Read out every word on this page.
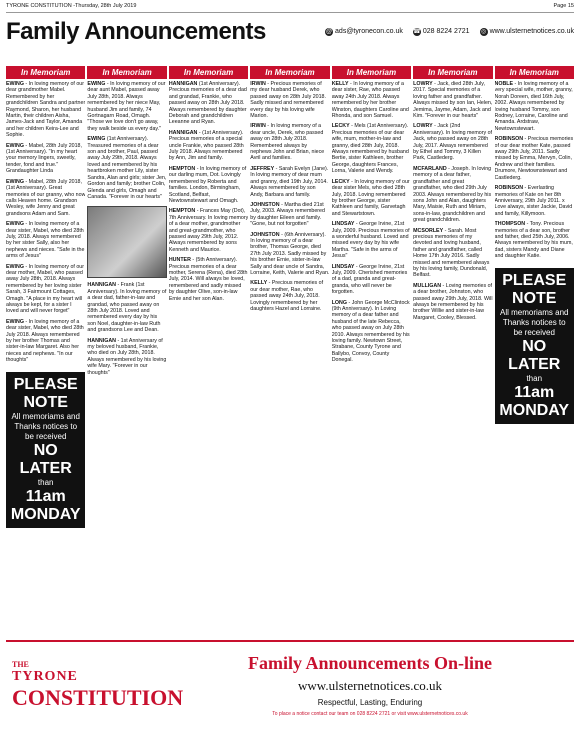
TYRONE CONSTITUTION -Thursday, 28th July 2019	Page 15
Family Announcements	@ ads@tyronecon.co.uk ☎ 028 8224 2721 ◎ www.ulsternetnotices.co.uk
In Memoriam
EWING - In loving memory of our dear grandmother Mabel. Remembered by her grandchildren Sandra and partner Raymond, Sharon, her husband Martin, their children Aisha, James-Jack and Taylor, Amanda and her children Keira-Lee and Sophie.
EWING - Mabel, 28th July 2018, (1st Anniversary). "In my heart your memory lingers, sweetly, tender, fond and true." Grandaughter Linda
EWING - Mabel, 28th July 2018, (1st Anniversary). Great memories of our granny, who now calls Heaven home. Grandson Wesley, wife Jenny and great grandsons Adam and Sam.
EWING - In loving memory of a dear sister, Mabel, who died 28th July, 2018. Always remembered by her sister Sally, also her nephews and nieces. "Safe in the arms of Jesus"
EWING - In loving memory of our dear mother, Mabel, who passed away July 28th, 2018. Always remembered by her loving sister Sarah, 3 Fairmount Cottages, Omagh. "A place in my heart will always be kept, for a sister I loved and will never forget"
EWING - In loving memory of a dear sister, Mabel, who died 28th July 2018. Always remembered by her brother Thomas and sister-in-law Margaret. Also her nieces and nephews. "In our thoughts"
PLEASE NOTE
All memoriams and Thanks notices to be received
NO LATER
than
11am MONDAY
In Memoriam
EWING - In loving memory of our dear aunt Mabel, passed away July 28th, 2018. Always remembered by her niece May, husband Jim and family, 74 Gortnagarn Road, Omagh. "Those we love don't go away, they walk beside us every day."
EWING (1st Anniversary). Treasured memories of a dear son and brother, Paul, passed away July 29th, 2018. Always loved and remembered by his heartbroken mother Lily, sister Sandra, Alan and girls; sister Jen, Gordon and family; brother Colin, Glenda and girls, Omagh and Canada. "Forever in our hearts"
HANNIGAN - Frank (1st Anniversary). In loving memory of a dear dad, father-in-law and grandad, who passed away on 28th July 2018. Loved and remembered every day by his son Noel, daughter-in-law Ruth and grandsons Lee and Dean.
HANNIGAN - 1st Anniversary of my beloved husband, Frankie, who died on July 28th, 2018. Always remembered by his loving wife Mary. "Forever in our thoughts"
In Memoriam
HANNIGAN (1st Anniversary). Precious memories of a dear dad and grandad, Frankie, who passed away on 28th July 2018. Always remembered by daughter Deborah and grandchildren Leeanne and Ryan.
HANNIGAN - (1st Anniversary). Precious memories of a special uncle Frankie, who passed 28th July 2018. Always remembered by Ann, Jim and family.
HEMPTON - In loving memory of our darling mum, Dot. Lovingly remembered by Roberta and families. London, Birmingham, Scotland, Belfast, Newtownstewart and Omagh.
HEMPTON - Frances May (Dot), 7th Anniversary. In loving memory of a dear mother, grandmother and great-grandmother, who passed away 29th July, 2012. Always remembered by sons Kenneth and Maurice.
HUNTER - (5th Anniversary). Precious memories of a dear mother, Serena (Rena), died 28th July, 2014. Will always be loved, remembered and sadly missed by daughter Olive, son-in-law Ernie and her son Alan.
In Memoriam
IRWIN - Precious memories of my dear husband Derek, who passed away on 28th July 2018. Sadly missed and remembered every day by his loving wife Marion.
IRWIN - In loving memory of a dear uncle, Derek, who passed away on 28th July 2018. Remembered always by nephews John and Brian, niece Avril and families.
JEFFREY - Sarah Evelyn (Jane). In loving memory of dear mum and granny, died 19th July, 2014. Always remembered by son Andy, Barbara and family.
JOHNSTON - Martha died 21st July, 2003. Always remembered by daughter Eileen and family. "Gone, but not forgotten"
JOHNSTON - (6th Anniversary). In loving memory of a dear brother, Thomas George, died 27th July 2013. Sadly missed by his brother Ernie, sister-in-law Sally and dear uncle of Sandra, Lorraine, Keith, Valerie and Ryan.
KELLY - Precious memories of our dear mother, Rae, who passed away 24th July, 2018. Lovingly remembered by her daughters Hazel and Lorraine.
In Memoriam
KELLY - In loving memory of a dear sister, Rae, who passed away 24th July 2018. Always remembered by her brother Winston, daughters Caroline and Rhonda, and son Samuel.
LECKY - Mels (1st Anniversary). Precious memories of our dear wife, mum, mother-in-law and granny, died 28th July, 2018. Always remembered by husband Bertie, sister Kathleen, brother George, daughters Frances, Lorna, Valerie and Wendy.
LECKY - In loving memory of our dear sister Mels, who died 28th July, 2018. Loving remembered by brother George, sister Kathleen and family, Garvetagh and Stewartstown.
LINDSAY - George Irvine, 21st July, 2009. Precious memories of a wonderful husband. Loved and missed every day by his wife Martha. "Safe in the arms of Jesus"
LINDSAY - George Irvine, 21st July, 2009. Cherished memories of a dad, granda and great-granda, who will never be forgotten.
LONG - John George McClintock (9th Anniversary). In Loving memory of a dear father and husband of the late Rebecca, who passed away on July 28th 2010. Always remembered by his loving family. Newtown Street, Strabane, County Tyrone and Ballybo, Convoy, County Donegal.
In Memoriam
LOWRY - Jack, died 28th July, 2017. Special memories of a loving father and grandfather. Always missed by son Ian, Helen, Jemima, Jayme, Adam, Jack and Kim. "Forever in our hearts"
LOWRY - Jack (2nd Anniversary). In loving memory of Jack, who passed away on 28th July, 2017. Always remembered by Ethel and Tommy, 3 Killen Park, Castlederg.
MCFARLAND - Joseph. In loving memory of a dear father, grandfather and great grandfather, who died 29th July 2003. Always remembered by his sons John and Alan, daughters Mary, Maisie, Ruth and Miriam, sons-in-law, grandchildren and great grandchildren.
MCSORLEY - Sarah. Most precious memories of my devoted and loving husband, father and grandfather, called Home 17th July 2016. Sadly missed and remembered always by his loving family, Dundonald, Belfast.
MULLIGAN - Loving memories of a dear brother, Johnston, who passed away 29th July, 2018. Will always be remembered by his brother Willie and sister-in-law Margaret, Cooley, Blessed.
In Memoriam
NOBLE - In loving memory of a very special wife, mother, granny, Norah Doreen, died 16th July, 2002. Always remembered by loving husband Tommy, son Rodney, Lorraine, Caroline and Amanda. Ardstraw, Newtownstewart.
ROBINSON - Precious memories of our dear mother Kate, passed away 29th July, 2011. Sadly missed by Emma, Mervyn, Colin, Andrew and their families. Drumore, Newtownstewart and Castlederg.
ROBINSON - Everlasting memories of Kate on her 8th Anniversary, 29th July 2011. x Love always, sister Jackie, David and family, Killymoon.
THOMPSON - Tony. Precious memories of a dear son, brother and father, died 25th July, 2006. Always remembered by his mum, dad, sisters Mandy and Diane and daughter Katie.
PLEASE NOTE
All memoriams and Thanks notices to be received
NO LATER
than
11am MONDAY
THE
TYRONE
CONSTITUTION
Family Announcements On-line
www.ulsternetnotices.co.uk
Respectful, Lasting, Enduring
To place a notice contact our team on 028 8224 2721 or visit www.ulsternetnotices.co.uk
